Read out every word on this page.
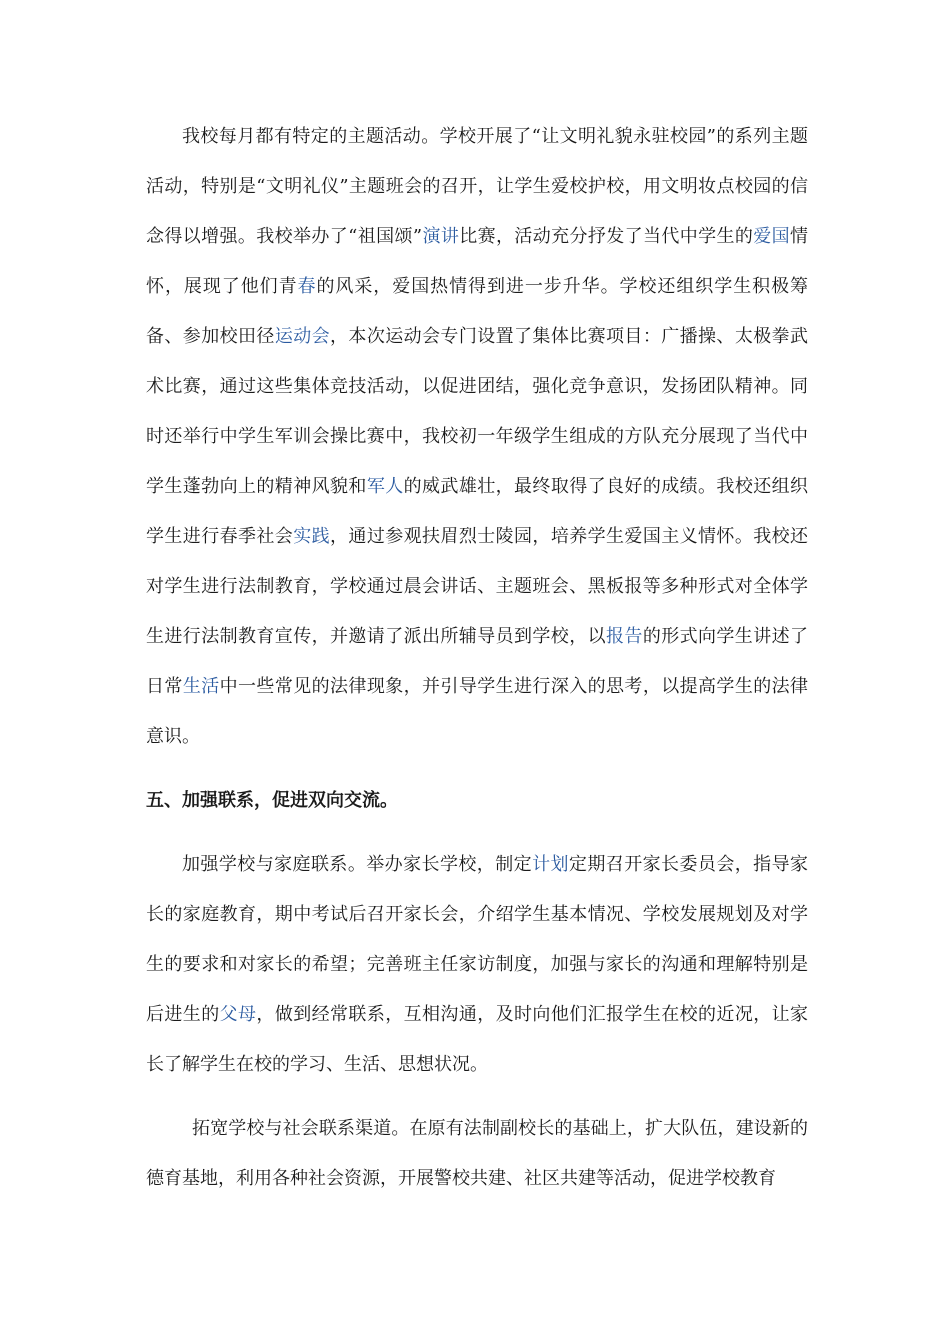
我校每月都有特定的主题活动。学校开展了“让文明礼貌永驻校园”的系列主题活动，特别是“文明礼仪”主题班会的召开，让学生爱校护校，用文明妆点校园的信念得以增强。我校举办了“祖国颂”演讲比赛，活动充分抒发了当代中学生的爱国情怀，展现了他们青春的风采，爱国热情得到进一步升华。学校还组织学生积极筹备、参加校田径运动会，本次运动会专门设置了集体比赛项目：广播操、太极拳武术比赛，通过这些集体竞技活动，以促进团结，强化竞争意识，发扬团队精神。同时还举行中学生军训会操比赛中，我校初一年级学生组成的方队充分展现了当代中学生蓬勃向上的精神风貌和军人的威武雄壮，最终取得了良好的成绩。我校还组织学生进行春季社会实践，通过参观扶眉烈士陵园，培养学生爱国主义情怀。我校还对学生进行法制教育，学校通过晨会讲话、主题班会、黑板报等多种形式对全体学生进行法制教育宣传，并邀请了派出所辅导员到学校，以报告的形式向学生讲述了日常生活中一些常见的法律现象，并引导学生进行深入的思考，以提高学生的法律意识。

五、加强联系，促进双向交流。

加强学校与家庭联系。举办家长学校，制定计划定期召开家长委员会，指导家长的家庭教育，期中考试后召开家长会，介绍学生基本情况、学校发展规划及对学生的要求和对家长的希望；完善班主任家访制度，加强与家长的沟通和理解特别是后进生的父母，做到经常联系，互相沟通，及时向他们汇报学生在校的近况，让家长了解学生在校的学习、生活、思想状况。

拓宽学校与社会联系渠道。在原有法制副校长的基础上，扩大队伍，建设新的德育基地，利用各种社会资源，开展警校共建、社区共建等活动，促进学校教育
